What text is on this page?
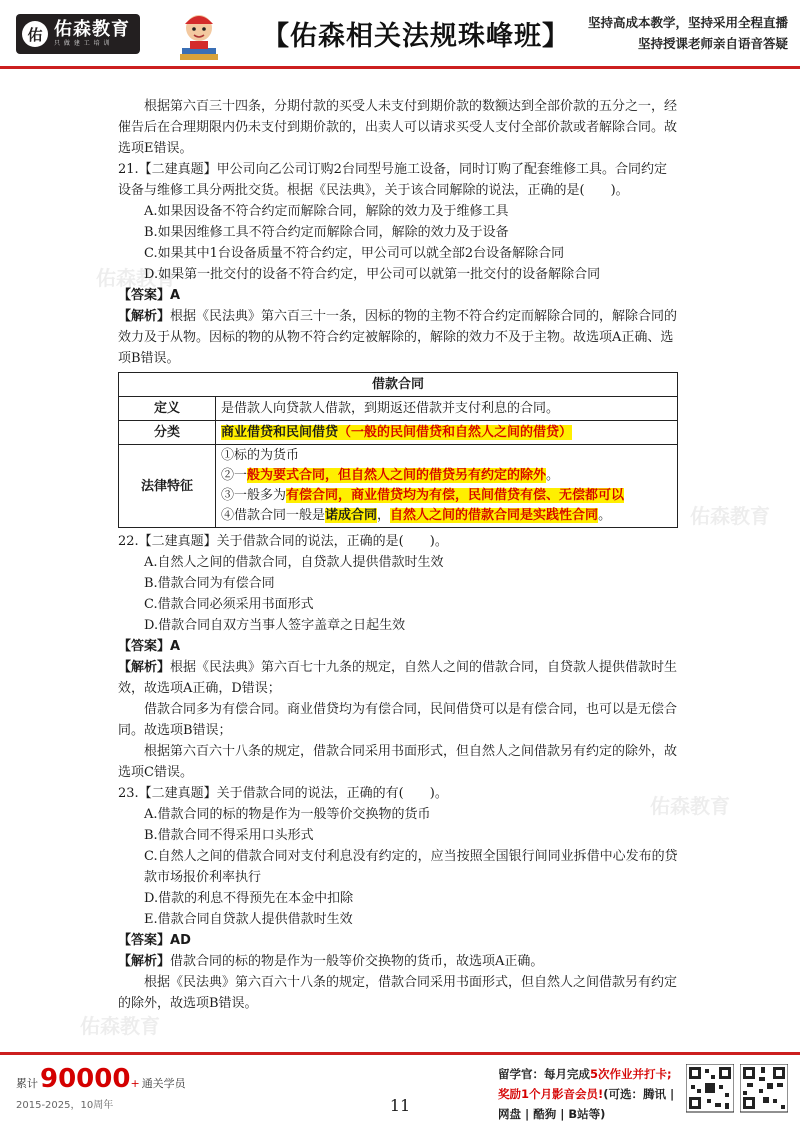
佑 佑森教育
只 做 建 工 培 训	【佑森相关法规珠峰班】 坚持高成本教学，坚持采用全程直播
坚持授课老师亲自语音答疑
佑森教育
佑森教育
佑森教育
佑森教育

根据第六百三十四条，分期付款的买受人未支付到期价款的数额达到全部价款的五分之一，经催告后在合理期限内仍未支付到期价款的，出卖人可以请求买受人支付全部价款或者解除合同。故选项E错误。

21.【二建真题】甲公司向乙公司订购2台同型号施工设备，同时订购了配套维修工具。合同约定设备与维修工具分两批交货。根据《民法典》，关于该合同解除的说法，正确的是(　　)。

A.如果因设备不符合约定而解除合同，解除的效力及于维修工具

B.如果因维修工具不符合约定而解除合同，解除的效力及于设备

C.如果其中1台设备质量不符合约定，甲公司可以就全部2台设备解除合同

D.如果第一批交付的设备不符合约定，甲公司可以就第一批交付的设备解除合同

【答案】A

【解析】根据《民法典》第六百三十一条，因标的物的主物不符合约定而解除合同的，解除合同的效力及于从物。因标的物的从物不符合约定被解除的，解除的效力不及于主物。故选项A正确、选项B错误。

借款合同	
定义	是借款人向贷款人借款，到期返还借款并支付利息的合同。
分类	商业借贷和民间借贷（一般的民间借贷和自然人之间的借贷）
法律特征	①标的为货币
②一般为要式合同，但自然人之间的借贷另有约定的除外。
③一般多为有偿合同，商业借贷均为有偿，民间借贷有偿、无偿都可以
④借款合同一般是诺成合同，自然人之间的借款合同是实践性合同。

22.【二建真题】关于借款合同的说法，正确的是(　　)。

A.自然人之间的借款合同，自贷款人提供借款时生效

B.借款合同为有偿合同

C.借款合同必须采用书面形式

D.借款合同自双方当事人签字盖章之日起生效

【答案】A

【解析】根据《民法典》第六百七十九条的规定，自然人之间的借款合同，自贷款人提供借款时生效，故选项A正确，D错误；

借款合同多为有偿合同。商业借贷均为有偿合同，民间借贷可以是有偿合同，也可以是无偿合同。故选项B错误；

根据第六百六十八条的规定，借款合同采用书面形式，但自然人之间借款另有约定的除外，故选项C错误。

23.【二建真题】关于借款合同的说法，正确的有(　　)。

A.借款合同的标的物是作为一般等价交换物的货币

B.借款合同不得采用口头形式

C.自然人之间的借款合同对支付利息没有约定的，应当按照全国银行间同业拆借中心发布的贷款市场报价利率执行

D.借款的利息不得预先在本金中扣除

E.借款合同自贷款人提供借款时生效

【答案】AD

【解析】借款合同的标的物是作为一般等价交换物的货币，故选项A正确。

根据《民法典》第六百六十八条的规定，借款合同采用书面形式，但自然人之间借款另有约定的除外，故选项B错误。

累计 90000 + 通关学员
2015-2025，10周年	11
留学官：每月完成5次作业并打卡;
奖励1个月影音会员!(可选：腾讯 |
网盘 | 酷狗 | B站等)
